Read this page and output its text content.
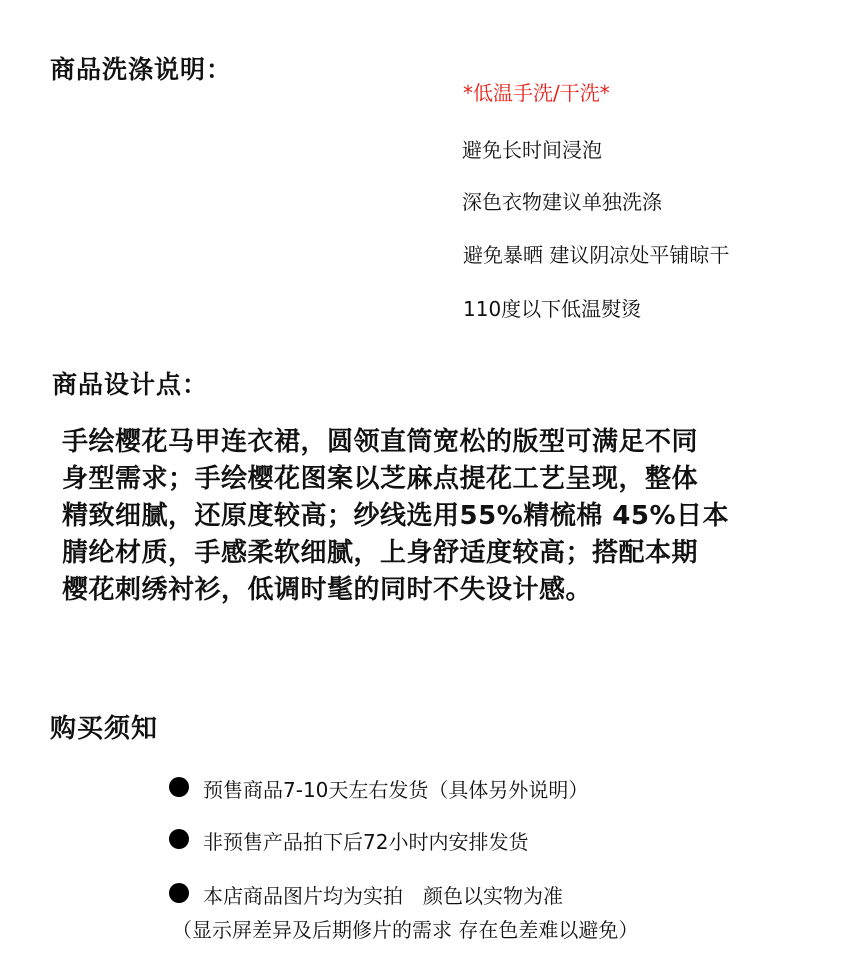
商品洗涤说明：
*低温手洗/干洗*
避免长时间浸泡
深色衣物建议单独洗涤
避免暴晒 建议阴凉处平铺晾干
110度以下低温熨烫
商品设计点：
手绘樱花马甲连衣裙，圆领直筒宽松的版型可满足不同
身型需求；手绘樱花图案以芝麻点提花工艺呈现，整体
精致细腻，还原度较高；纱线选用55%精梳棉 45%日本
腈纶材质，手感柔软细腻，上身舒适度较高；搭配本期
樱花刺绣衬衫，低调时髦的同时不失设计感。
购买须知
预售商品7-10天左右发货（具体另外说明）
非预售产品拍下后72小时内安排发货
本店商品图片均为实拍　颜色以实物为准
（显示屏差异及后期修片的需求 存在色差难以避免）
